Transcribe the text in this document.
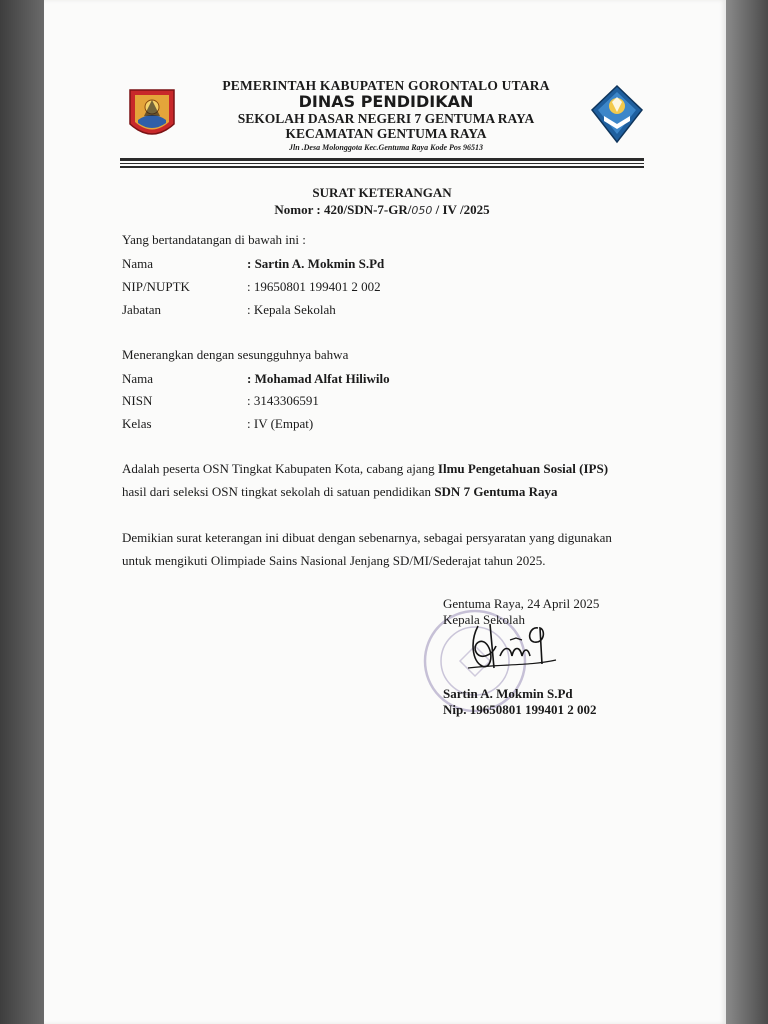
PEMERINTAH KABUPATEN GORONTALO UTARA
DINAS PENDIDIKAN
SEKOLAH DASAR NEGERI 7 GENTUMA RAYA
KECAMATAN GENTUMA RAYA
Jln .Desa Molonggota Kec.Gentuma Raya Kode Pos 96513
SURAT KETERANGAN
Nomor : 420/SDN-7-GR/050 / IV /2025
Yang bertandatangan di bawah ini :
Nama	: Sartin A. Mokmin S.Pd
NIP/NUPTK	: 19650801 199401 2 002
Jabatan	: Kepala Sekolah
Menerangkan dengan sesungguhnya bahwa
Nama	: Mohamad Alfat Hiliwilo
NISN	: 3143306591
Kelas	: IV (Empat)
Adalah peserta OSN Tingkat Kabupaten Kota, cabang ajang Ilmu Pengetahuan Sosial (IPS)
hasil dari seleksi OSN tingkat sekolah di satuan pendidikan SDN 7 Gentuma Raya
Demikian surat keterangan ini dibuat dengan sebenarnya, sebagai persyaratan yang digunakan
untuk mengikuti Olimpiade Sains Nasional Jenjang SD/MI/Sederajat tahun 2025.
Gentuma Raya, 24 April 2025
Kepala Sekolah
Sartin A. Mokmin S.Pd
Nip. 19650801 199401 2 002
